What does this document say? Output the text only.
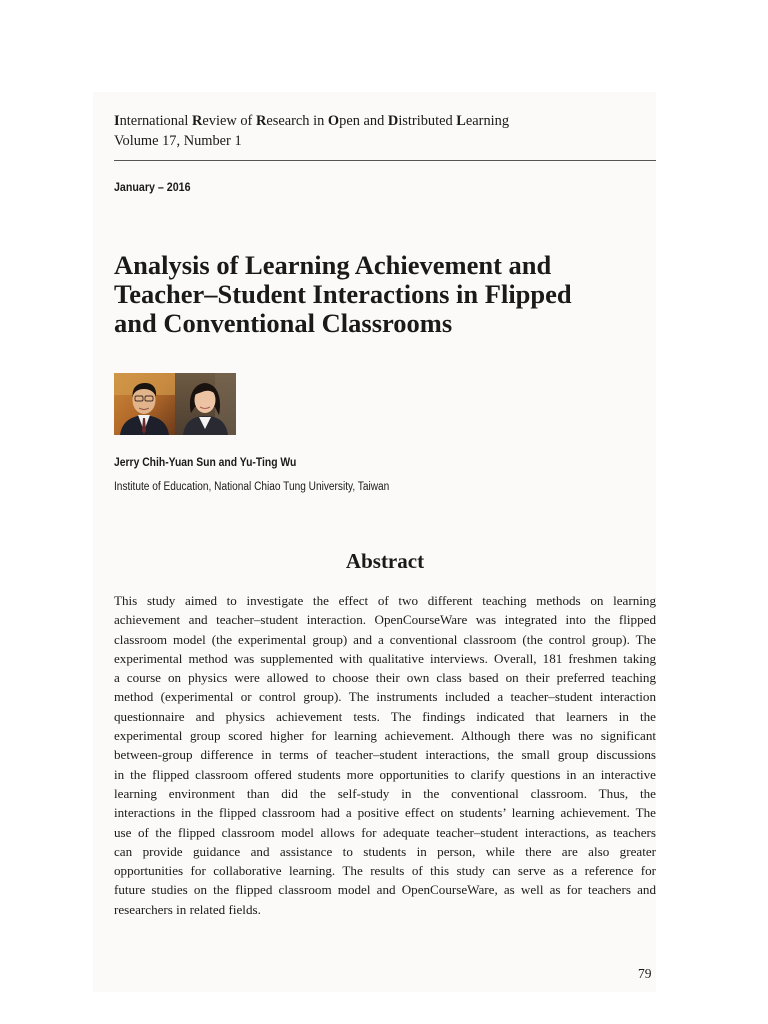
International Review of Research in Open and Distributed Learning
Volume 17, Number 1
January – 2016
Analysis of Learning Achievement and
Teacher–Student Interactions in Flipped
and Conventional Classrooms
Jerry Chih-Yuan Sun and Yu-Ting Wu
Institute of Education, National Chiao Tung University, Taiwan
Abstract
This study aimed to investigate the effect of two different teaching methods on learning
achievement and teacher–student interaction. OpenCourseWare was integrated into the flipped
classroom model (the experimental group) and a conventional classroom (the control group). The
experimental method was supplemented with qualitative interviews. Overall, 181 freshmen taking
a course on physics were allowed to choose their own class based on their preferred teaching
method (experimental or control group). The instruments included a teacher–student interaction
questionnaire and physics achievement tests. The findings indicated that learners in the
experimental group scored higher for learning achievement. Although there was no significant
between-group difference in terms of teacher–student interactions, the small group discussions
in the flipped classroom offered students more opportunities to clarify questions in an interactive
learning environment than did the self-study in the conventional classroom. Thus, the
interactions in the flipped classroom had a positive effect on students’ learning achievement. The
use of the flipped classroom model allows for adequate teacher–student interactions, as teachers
can provide guidance and assistance to students in person, while there are also greater
opportunities for collaborative learning. The results of this study can serve as a reference for
future studies on the flipped classroom model and OpenCourseWare, as well as for teachers and
researchers in related fields.
79
